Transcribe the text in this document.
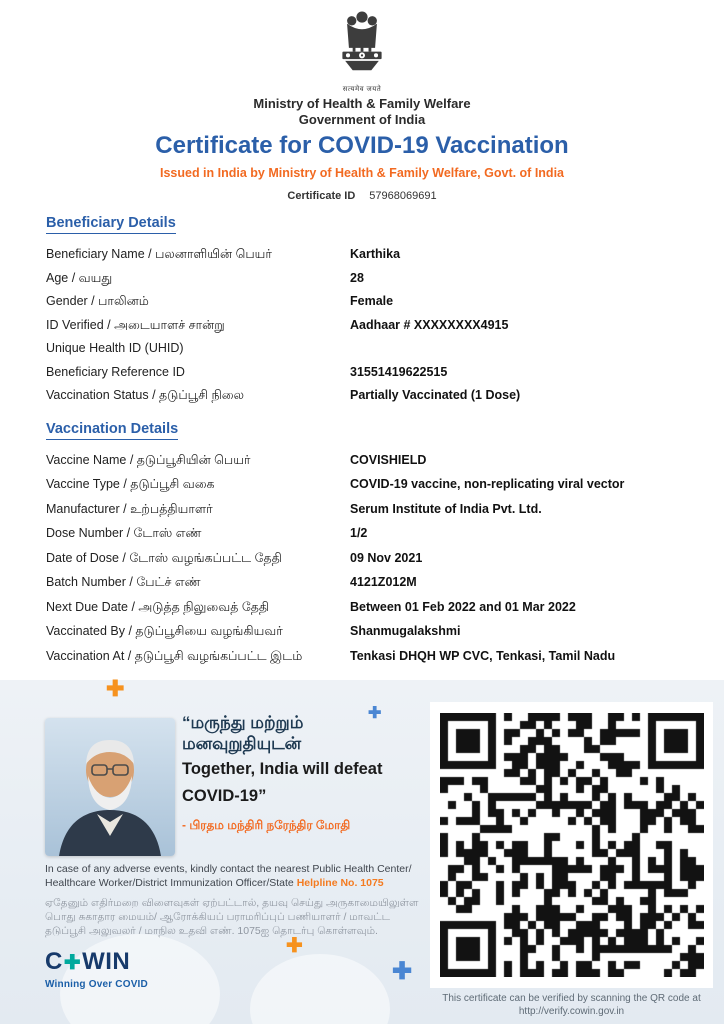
सत्यमेव जयते
Ministry of Health & Family Welfare
Government of India
Certificate for COVID-19 Vaccination
Issued in India by Ministry of Health & Family Welfare, Govt. of India
Certificate ID 57968069691
Beneficiary Details
Beneficiary Name / பலனாளியின் பெயர்	Karthika
Age / வயது	28
Gender / பாலினம்	Female
ID Verified / அடையாளச் சான்று	Aadhaar # XXXXXXXX4915
Unique Health ID (UHID)
Beneficiary Reference ID	31551419622515
Vaccination Status / தடுப்பூசி நிலை	Partially Vaccinated (1 Dose)
Vaccination Details
Vaccine Name / தடுப்பூசியின் பெயர்	COVISHIELD
Vaccine Type / தடுப்பூசி வகை	COVID-19 vaccine, non-replicating viral vector
Manufacturer / உற்பத்தியாளர்	Serum Institute of India Pvt. Ltd.
Dose Number / டோஸ் எண்	1/2
Date of Dose / டோஸ் வழங்கப்பட்ட தேதி	09 Nov 2021
Batch Number / பேட்ச் எண்	4121Z012M
Next Due Date / அடுத்த நிலுவைத் தேதி	Between 01 Feb 2022 and 01 Mar 2022
Vaccinated By / தடுப்பூசியை வழங்கியவர்	Shanmugalakshmi
Vaccination At / தடுப்பூசி வழங்கப்பட்ட இடம்	Tenkasi DHQH WP CVC, Tenkasi, Tamil Nadu
✚
✚
✚
✚
“மருந்து மற்றும்
மனவுறுதியுடன்
Together, India will defeat
COVID-19”
- பிரதம மந்திரி நரேந்திர மோதி
In case of any adverse events, kindly contact the nearest Public Health Center/ Healthcare Worker/District Immunization Officer/State Helpline No. 1075
ஏதேனும் எதிர்மறை விளைவுகள் ஏற்பட்டால், தயவு செய்து அருகாமையிலுள்ள பொது சுகாதார மையம்/ ஆரோக்கியப் பராமரிப்புப் பணியாளர் / மாவட்ட தடுப்பூசி அலுவலர் / மாநில உதவி எண். 1075ஐ தொடர்பு கொள்ளவும்.
C ✚ WIN
Winning Over COVID
This certificate can be verified by scanning the QR code at
http://verify.cowin.gov.in
